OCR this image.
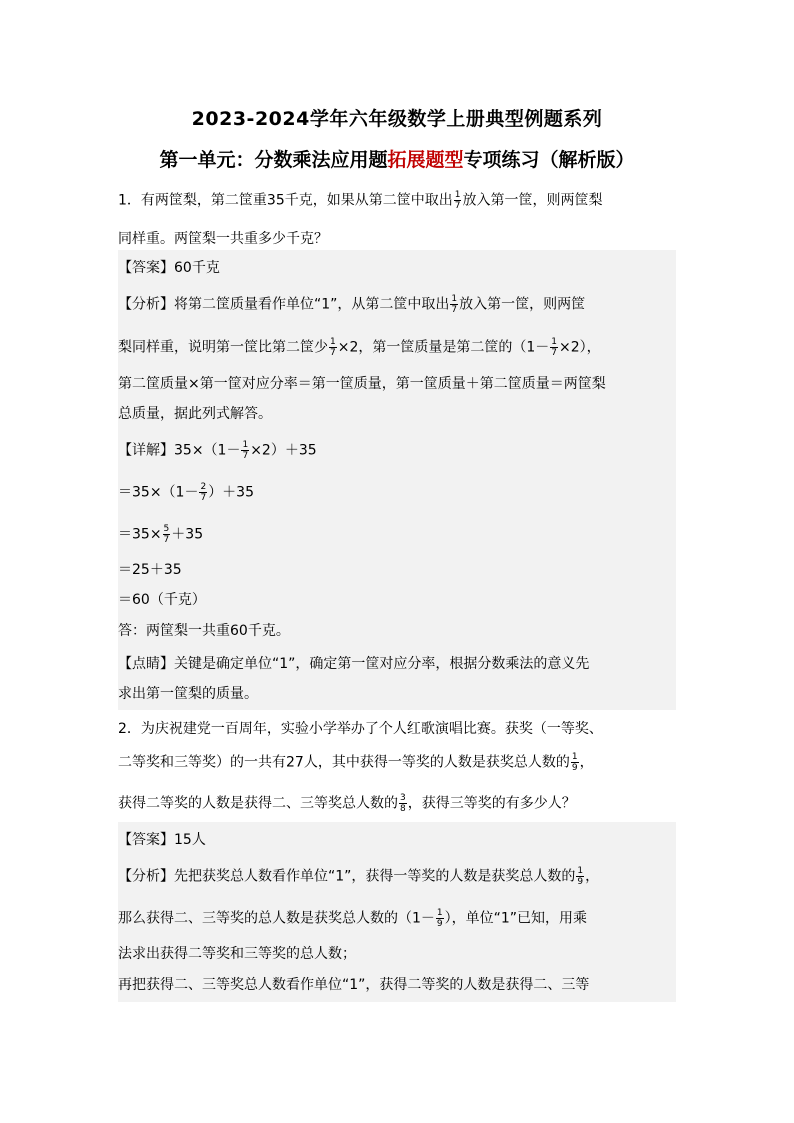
2023-2024学年六年级数学上册典型例题系列
第一单元：分数乘法应用题拓展题型专项练习（解析版）
1．有两筐梨，第二筐重35千克，如果从第二筐中取出 $\frac{1}{7}$ 放入第一筐，则两筐梨
同样重。两筐梨一共重多少千克？
【答案】60千克
【分析】将第二筐质量看作单位“1”，从第二筐中取出 $\frac{1}{7}$ 放入第一筐，则两筐
梨同样重，说明第一筐比第二筐少 $\frac{1}{7} \times 2$，第一筐质量是第二筐的$(1- \frac{1}{7} \times 2)$，
第二筐质量×第一筐对应分率＝第一筐质量，第一筐质量＋第二筐质量＝两筐梨
总质量，据此列式解答。
【详解】$35\times(1- \frac{1}{7} \times 2)+35$
$=35\times(1- \frac{2}{7} )+35$
$=35\times \frac{5}{7} +35$
＝25＋35
＝60（千克）
答：两筐梨一共重60千克。
【点睛】关键是确定单位“1”，确定第一筐对应分率，根据分数乘法的意义先
求出第一筐梨的质量。
2．为庆祝建党一百周年，实验小学举办了个人红歌演唱比赛。获奖（一等奖、
二等奖和三等奖）的一共有27人，其中获得一等奖的人数是获奖总人数的 $\frac{1}{9}$ ，
获得二等奖的人数是获得二、三等奖总人数的 $\frac{3}{8}$ ，获得三等奖的有多少人？
【答案】15人
【分析】先把获奖总人数看作单位“1”，获得一等奖的人数是获奖总人数的 $\frac{1}{9}$ ，
那么获得二、三等奖的总人数是获奖总人数的（$1- \frac{1}{9}$ ），单位“1”已知，用乘
法求出获得二等奖和三等奖的总人数；
再把获得二、三等奖总人数看作单位“1”，获得二等奖的人数是获得二、三等
